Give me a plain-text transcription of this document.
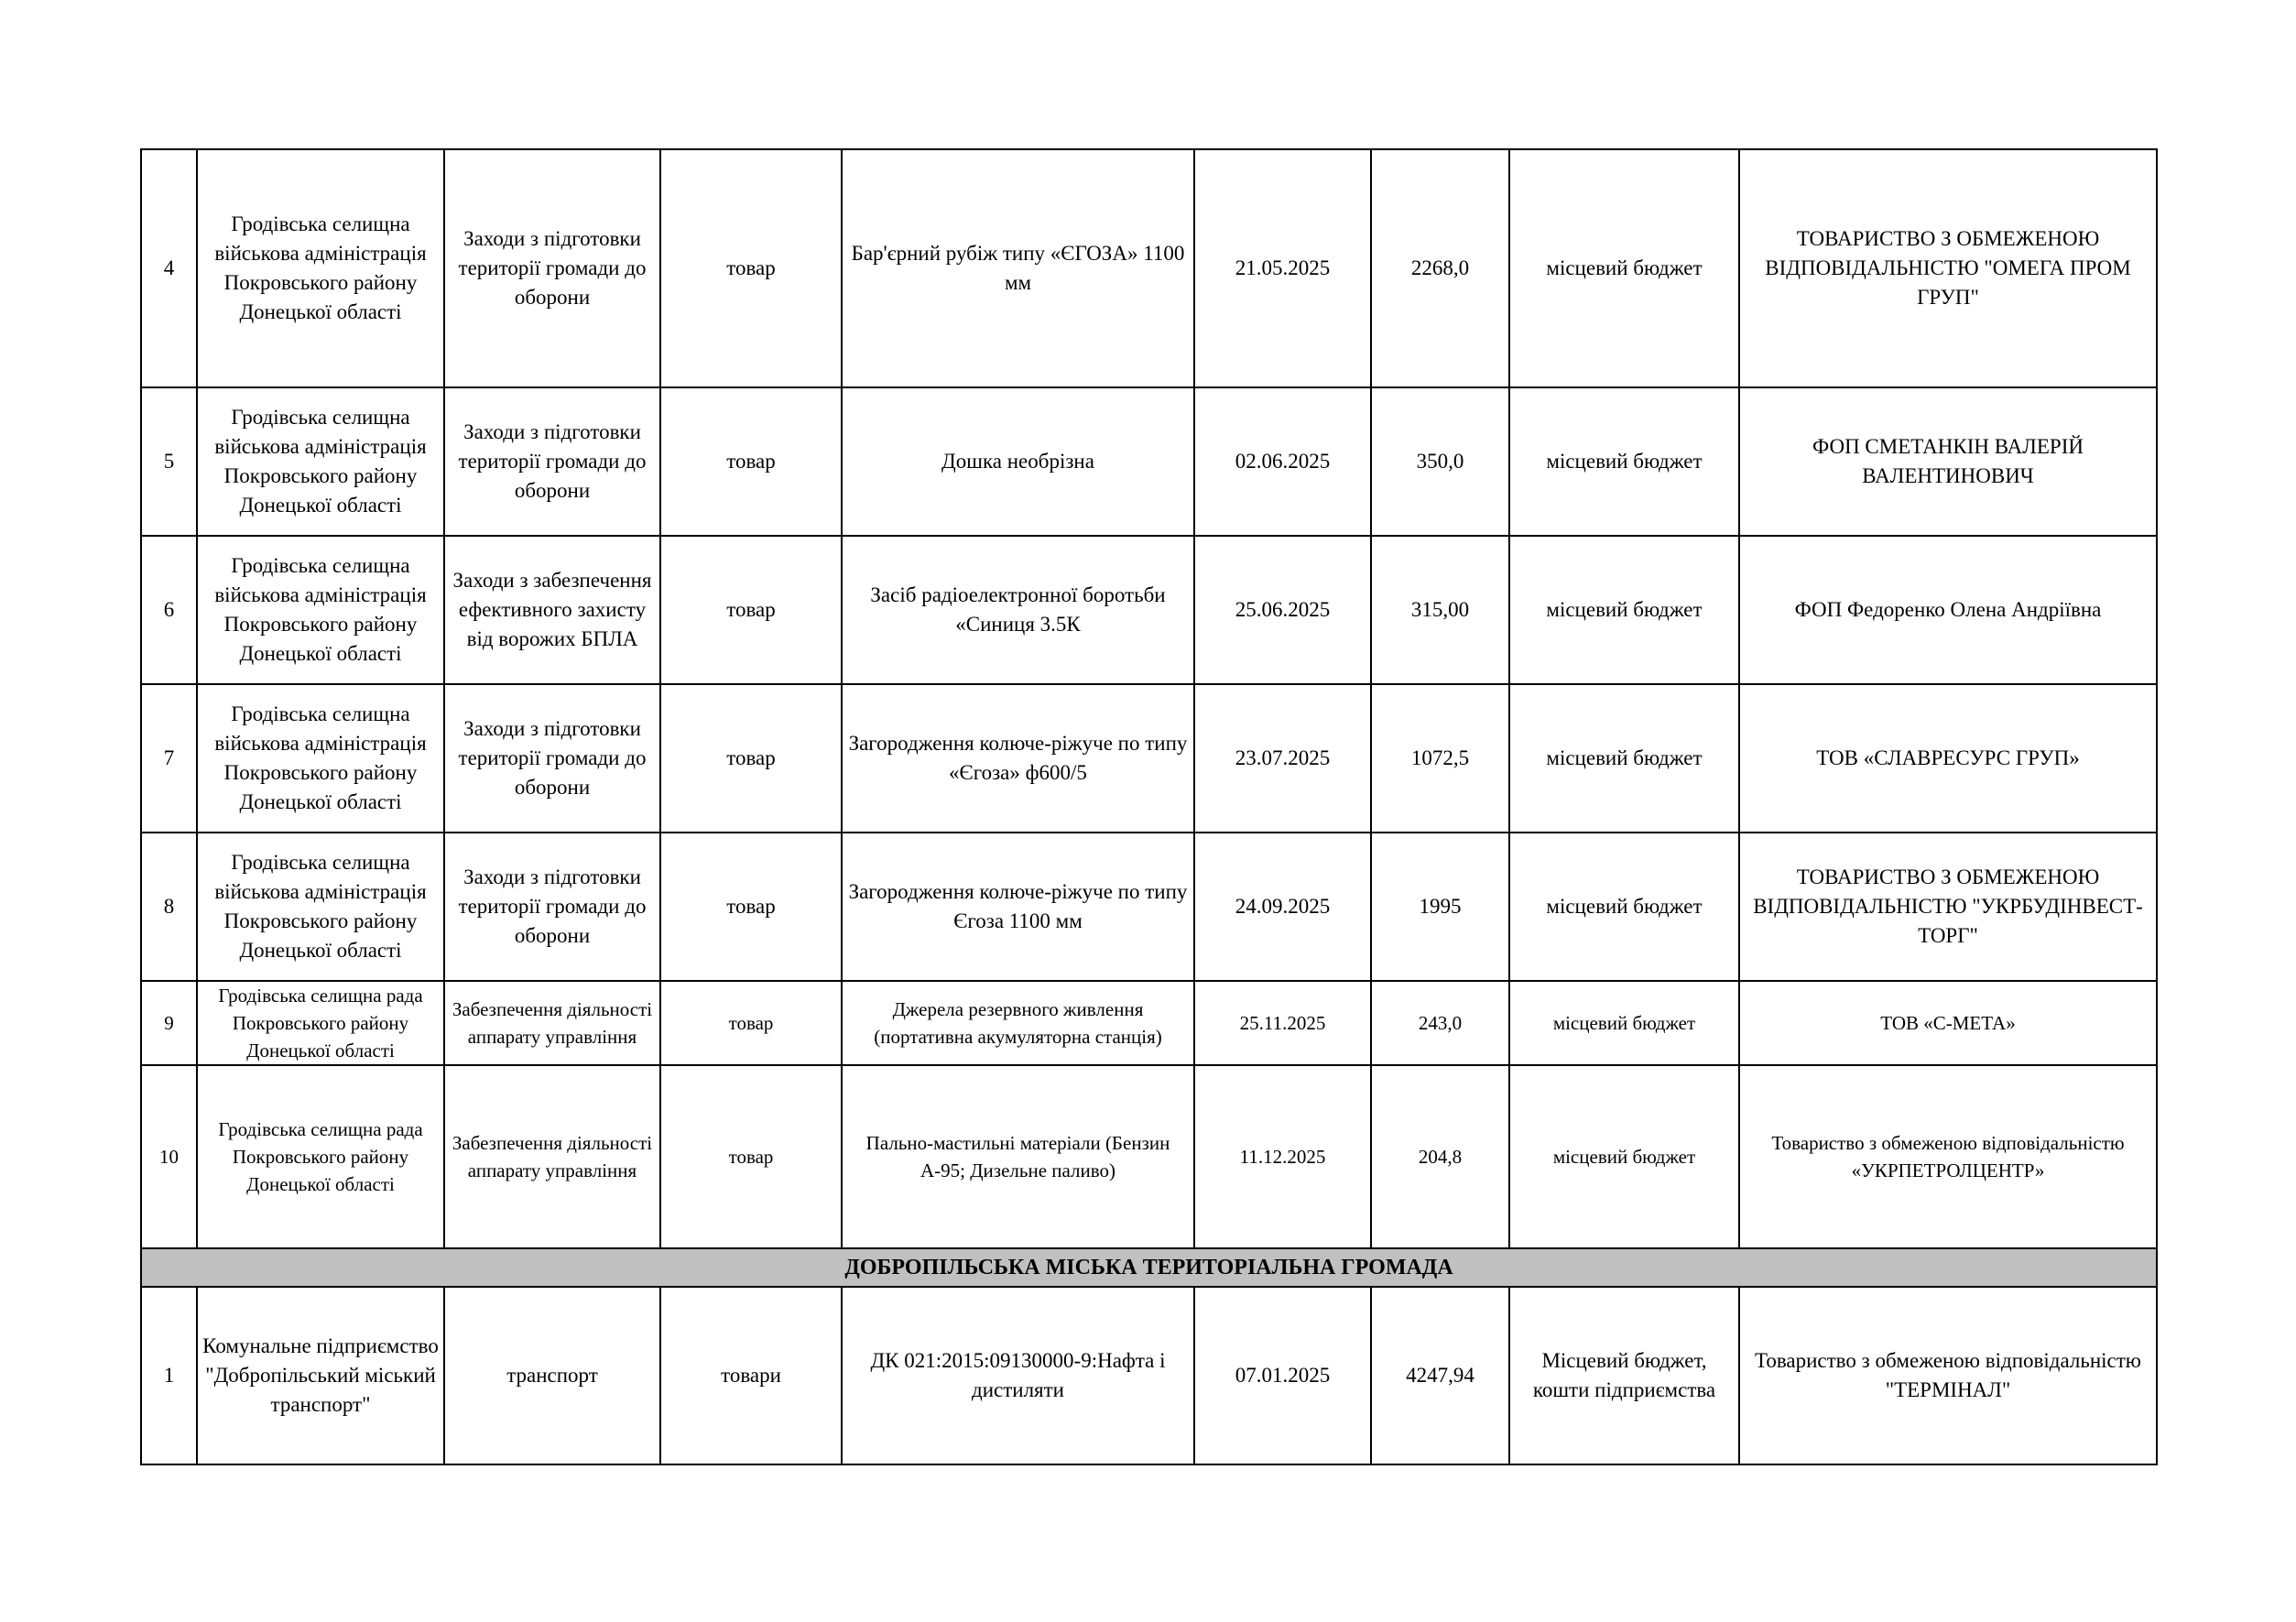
4	Гродівська селищна військова адміністрація Покровського району Донецької області	Заходи з підготовки території громади до оборони	товар	Бар'єрний рубіж типу «ЄГОЗА» 1100 мм	21.05.2025	2268,0	місцевий бюджет	ТОВАРИСТВО З ОБМЕЖЕНОЮ ВІДПОВІДАЛЬНІСТЮ "ОМЕГА ПРОМ ГРУП"
5	Гродівська селищна військова адміністрація Покровського району Донецької області	Заходи з підготовки території громади до оборони	товар	Дошка необрізна	02.06.2025	350,0	місцевий бюджет	ФОП СМЕТАНКІН ВАЛЕРІЙ ВАЛЕНТИНОВИЧ
6	Гродівська селищна військова адміністрація Покровського району Донецької області	Заходи з забезпечення ефективного захисту від ворожих БПЛА	товар	Засіб радіоелектронної боротьби «Синиця 3.5К	25.06.2025	315,00	місцевий бюджет	ФОП Федоренко Олена Андріївна
7	Гродівська селищна військова адміністрація Покровського району Донецької області	Заходи з підготовки території громади до оборони	товар	Загородження колюче-ріжуче по типу «Єгоза» ф600/5	23.07.2025	1072,5	місцевий бюджет	ТОВ «СЛАВРЕСУРС ГРУП»
8	Гродівська селищна військова адміністрація Покровського району Донецької області	Заходи з підготовки території громади до оборони	товар	Загородження колюче-ріжуче по типу Єгоза 1100 мм	24.09.2025	1995	місцевий бюджет	ТОВАРИСТВО З ОБМЕЖЕНОЮ ВІДПОВІДАЛЬНІСТЮ "УКРБУДІНВЕСТ-ТОРГ"
9	Гродівська селищна рада Покровського району Донецької області	Забезпечення діяльності аппарату управління	товар	Джерела резервного живлення (портативна акумуляторна станція)	25.11.2025	243,0	місцевий бюджет	ТОВ «С-МЕТА»
10	Гродівська селищна рада Покровського району Донецької області	Забезпечення діяльності аппарату управління	товар	Пально-мастильні матеріали (Бензин А-95; Дизельне паливо)	11.12.2025	204,8	місцевий бюджет	Товариство з обмеженою відповідальністю «УКРПЕТРОЛЦЕНТР»
ДОБРОПІЛЬСЬКА МІСЬКА ТЕРИТОРІАЛЬНА ГРОМАДА								
1	Комунальне підприємство "Добропільський міський транспорт"	транспорт	товари	ДК 021:2015:09130000-9:Нафта і дистиляти	07.01.2025	4247,94	Місцевий бюджет, кошти підприємства	Товариство з обмеженою відповідальністю "ТЕРМІНАЛ"
